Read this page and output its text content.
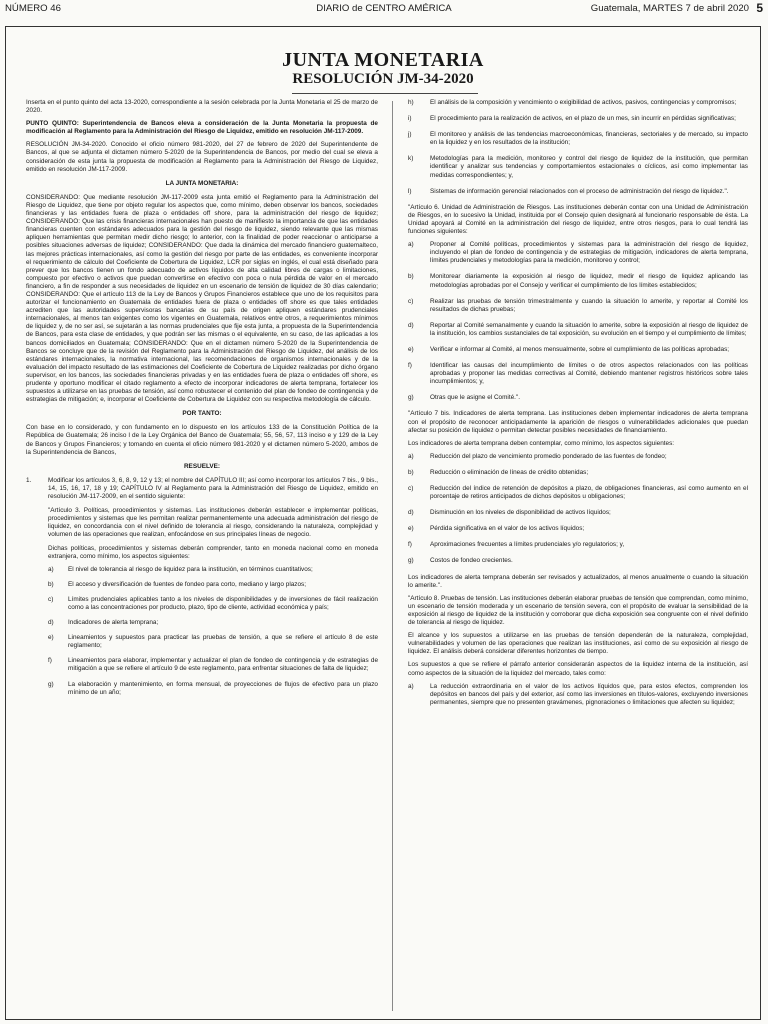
NÚMERO 46	DIARIO de CENTRO AMÉRICA	Guatemala, MARTES 7 de abril 2020 5
JUNTA MONETARIA
RESOLUCIÓN JM-34-2020

Inserta en el punto quinto del acta 13-2020, correspondiente a la sesión celebrada por la Junta Monetaria el 25 de marzo de 2020.

PUNTO QUINTO: Superintendencia de Bancos eleva a consideración de la Junta Monetaria la propuesta de modificación al Reglamento para la Administración del Riesgo de Liquidez, emitido en resolución JM-117-2009.

RESOLUCIÓN JM-34-2020. Conocido el oficio número 981-2020, del 27 de febrero de 2020 del Superintendente de Bancos, al que se adjunta el dictamen número 5-2020 de la Superintendencia de Bancos, por medio del cual se eleva a consideración de esta junta la propuesta de modificación al Reglamento para la Administración del Riesgo de Liquidez, emitido en resolución JM-117-2009.

LA JUNTA MONETARIA:

CONSIDERANDO: Que mediante resolución JM-117-2009 esta junta emitió el Reglamento para la Administración del Riesgo de Liquidez, que tiene por objeto regular los aspectos que, como mínimo, deben observar los bancos, sociedades financieras y las entidades fuera de plaza o entidades off shore, para la administración del riesgo de liquidez; CONSIDERANDO: Que las crisis financieras internacionales han puesto de manifiesto la importancia de que las entidades financieras cuenten con estándares adecuados para la gestión del riesgo de liquidez, siendo relevante que las mismas apliquen herramientas que permitan medir dicho riesgo; lo anterior, con la finalidad de poder reaccionar o anticiparse a posibles situaciones adversas de liquidez; CONSIDERANDO: Que dada la dinámica del mercado financiero guatemalteco, las mejores prácticas internacionales, así como la gestión del riesgo por parte de las entidades, es conveniente incorporar el requerimiento de cálculo del Coeficiente de Cobertura de Liquidez, LCR por siglas en inglés, el cual está diseñado para prever que los bancos tienen un fondo adecuado de activos líquidos de alta calidad libres de cargas o limitaciones, compuesto por efectivo o activos que puedan convertirse en efectivo con poca o nula pérdida de valor en el mercado financiero, a fin de responder a sus necesidades de liquidez en un escenario de tensión de liquidez de 30 días calendario; CONSIDERANDO: Que el artículo 113 de la Ley de Bancos y Grupos Financieros establece que uno de los requisitos para autorizar el funcionamiento en Guatemala de entidades fuera de plaza o entidades off shore es que tales entidades acrediten que las autoridades supervisoras bancarias de su país de origen apliquen estándares prudenciales internacionales, al menos tan exigentes como los vigentes en Guatemala, relativos entre otros, a requerimientos mínimos de liquidez y, de no ser así, se sujetarán a las normas prudenciales que fije esta junta, a propuesta de la Superintendencia de Bancos, para esta clase de entidades, y que podrán ser las mismas o el equivalente, en su caso, de las aplicadas a los bancos domiciliados en Guatemala; CONSIDERANDO: Que en el dictamen número 5-2020 de la Superintendencia de Bancos se concluye que de la revisión del Reglamento para la Administración del Riesgo de Liquidez, del análisis de los estándares internacionales, la normativa internacional, las recomendaciones de organismos internacionales y de la evaluación del impacto resultado de las estimaciones del Coeficiente de Cobertura de Liquidez realizadas por dicho órgano supervisor, en los bancos, las sociedades financieras privadas y en las entidades fuera de plaza o entidades off shore, es prudente y oportuno modificar el citado reglamento a efecto de incorporar indicadores de alerta temprana, fortalecer los supuestos a utilizarse en las pruebas de tensión, así como robustecer el contenido del plan de fondeo de contingencia y de estrategias de mitigación; e, incorporar el Coeficiente de Cobertura de Liquidez con su respectiva metodología de cálculo.

POR TANTO:

Con base en lo considerado, y con fundamento en lo dispuesto en los artículos 133 de la Constitución Política de la República de Guatemala; 26 inciso l de la Ley Orgánica del Banco de Guatemala; 55, 56, 57, 113 inciso e y 129 de la Ley de Bancos y Grupos Financieros; y tomando en cuenta el oficio número 981-2020 y el dictamen número 5-2020, ambos de la Superintendencia de Bancos,

RESUELVE:
1.	Modificar los artículos 3, 6, 8, 9, 12 y 13; el nombre del CAPÍTULO III; así como incorporar los artículos 7 bis., 9 bis., 14, 15, 16, 17, 18 y 19; CAPÍTULO IV al Reglamento para la Administración del Riesgo de Liquidez, emitido en resolución JM-117-2009, en el sentido siguiente:

"Artículo 3. Políticas, procedimientos y sistemas. Las instituciones deberán establecer e implementar políticas, procedimientos y sistemas que les permitan realizar permanentemente una adecuada administración del riesgo de liquidez, en concordancia con el nivel definido de tolerancia al riesgo, considerando la naturaleza, complejidad y volumen de las operaciones que realizan, enfocándose en sus principales líneas de negocio.

Dichas políticas, procedimientos y sistemas deberán comprender, tanto en moneda nacional como en moneda extranjera, como mínimo, los aspectos siguientes:

a)	El nivel de tolerancia al riesgo de liquidez para la institución, en términos cuantitativos;
b)	El acceso y diversificación de fuentes de fondeo para corto, mediano y largo plazos;
c)	Límites prudenciales aplicables tanto a los niveles de disponibilidades y de inversiones de fácil realización como a las concentraciones por producto, plazo, tipo de cliente, actividad económica y país;
d)	Indicadores de alerta temprana;
e)	Lineamientos y supuestos para practicar las pruebas de tensión, a que se refiere el artículo 8 de este reglamento;
f)	Lineamientos para elaborar, implementar y actualizar el plan de fondeo de contingencia y de estrategias de mitigación a que se refiere el artículo 9 de este reglamento, para enfrentar situaciones de falta de liquidez;
g)	La elaboración y mantenimiento, en forma mensual, de proyecciones de flujos de efectivo para un plazo mínimo de un año;
h)	El análisis de la composición y vencimiento o exigibilidad de activos, pasivos, contingencias y compromisos;
i)	El procedimiento para la realización de activos, en el plazo de un mes, sin incurrir en pérdidas significativas;
j)	El monitoreo y análisis de las tendencias macroeconómicas, financieras, sectoriales y de mercado, su impacto en la liquidez y en los resultados de la institución;
k)	Metodologías para la medición, monitoreo y control del riesgo de liquidez de la institución, que permitan identificar y analizar sus tendencias y comportamientos estacionales o cíclicos, así como implementar las medidas correspondientes; y,
l)	Sistemas de información gerencial relacionados con el proceso de administración del riesgo de liquidez.".

"Artículo 6. Unidad de Administración de Riesgos. Las instituciones deberán contar con una Unidad de Administración de Riesgos, en lo sucesivo la Unidad, instituida por el Consejo quien designará al funcionario responsable de ésta. La Unidad apoyará al Comité en la administración del riesgo de liquidez, entre otros riesgos, para lo cual tendrá las funciones siguientes:

a)	Proponer al Comité políticas, procedimientos y sistemas para la administración del riesgo de liquidez, incluyendo el plan de fondeo de contingencia y de estrategias de mitigación, indicadores de alerta temprana, límites prudenciales y metodologías para la medición, monitoreo y control;
b)	Monitorear diariamente la exposición al riesgo de liquidez, medir el riesgo de liquidez aplicando las metodologías aprobadas por el Consejo y verificar el cumplimiento de los límites establecidos;
c)	Realizar las pruebas de tensión trimestralmente y cuando la situación lo amerite, y reportar al Comité los resultados de dichas pruebas;
d)	Reportar al Comité semanalmente y cuando la situación lo amerite, sobre la exposición al riesgo de liquidez de la institución, los cambios sustanciales de tal exposición, su evolución en el tiempo y el cumplimiento de límites;
e)	Verificar e informar al Comité, al menos mensualmente, sobre el cumplimiento de las políticas aprobadas;
f)	Identificar las causas del incumplimiento de límites o de otros aspectos relacionados con las políticas aprobadas y proponer las medidas correctivas al Comité, debiendo mantener registros históricos sobre tales incumplimientos; y,
g)	Otras que le asigne el Comité.".

"Artículo 7 bis. Indicadores de alerta temprana. Las instituciones deben implementar indicadores de alerta temprana con el propósito de reconocer anticipadamente la aparición de riesgos o vulnerabilidades adicionales que puedan afectar su posición de liquidez o permitan detectar posibles necesidades de financiamiento.

Los indicadores de alerta temprana deben contemplar, como mínimo, los aspectos siguientes:

a)	Reducción del plazo de vencimiento promedio ponderado de las fuentes de fondeo;
b)	Reducción o eliminación de líneas de crédito obtenidas;
c)	Reducción del índice de retención de depósitos a plazo, de obligaciones financieras, así como aumento en el porcentaje de retiros anticipados de dichos depósitos u obligaciones;
d)	Disminución en los niveles de disponibilidad de activos líquidos;
e)	Pérdida significativa en el valor de los activos líquidos;
f)	Aproximaciones frecuentes a límites prudenciales y/o regulatorios; y,
g)	Costos de fondeo crecientes.

Los indicadores de alerta temprana deberán ser revisados y actualizados, al menos anualmente o cuando la situación lo amerite.".

"Artículo 8. Pruebas de tensión. Las instituciones deberán elaborar pruebas de tensión que comprendan, como mínimo, un escenario de tensión moderada y un escenario de tensión severa, con el propósito de evaluar la sensibilidad de la exposición al riesgo de liquidez de la institución y corroborar que dicha exposición sea congruente con el nivel definido de tolerancia al riesgo de liquidez.

El alcance y los supuestos a utilizarse en las pruebas de tensión dependerán de la naturaleza, complejidad, vulnerabilidades y volumen de las operaciones que realizan las instituciones, así como de su exposición al riesgo de liquidez. El análisis deberá considerar diferentes horizontes de tiempo.

Los supuestos a que se refiere el párrafo anterior considerarán aspectos de la liquidez interna de la institución, así como aspectos de la situación de la liquidez del mercado, tales como:

a)	La reducción extraordinaria en el valor de los activos líquidos que, para estos efectos, comprenden los depósitos en bancos del país y del exterior, así como las inversiones en títulos-valores, excluyendo inversiones permanentes, siempre que no presenten gravámenes, pignoraciones o limitaciones que afecten su liquidez;
